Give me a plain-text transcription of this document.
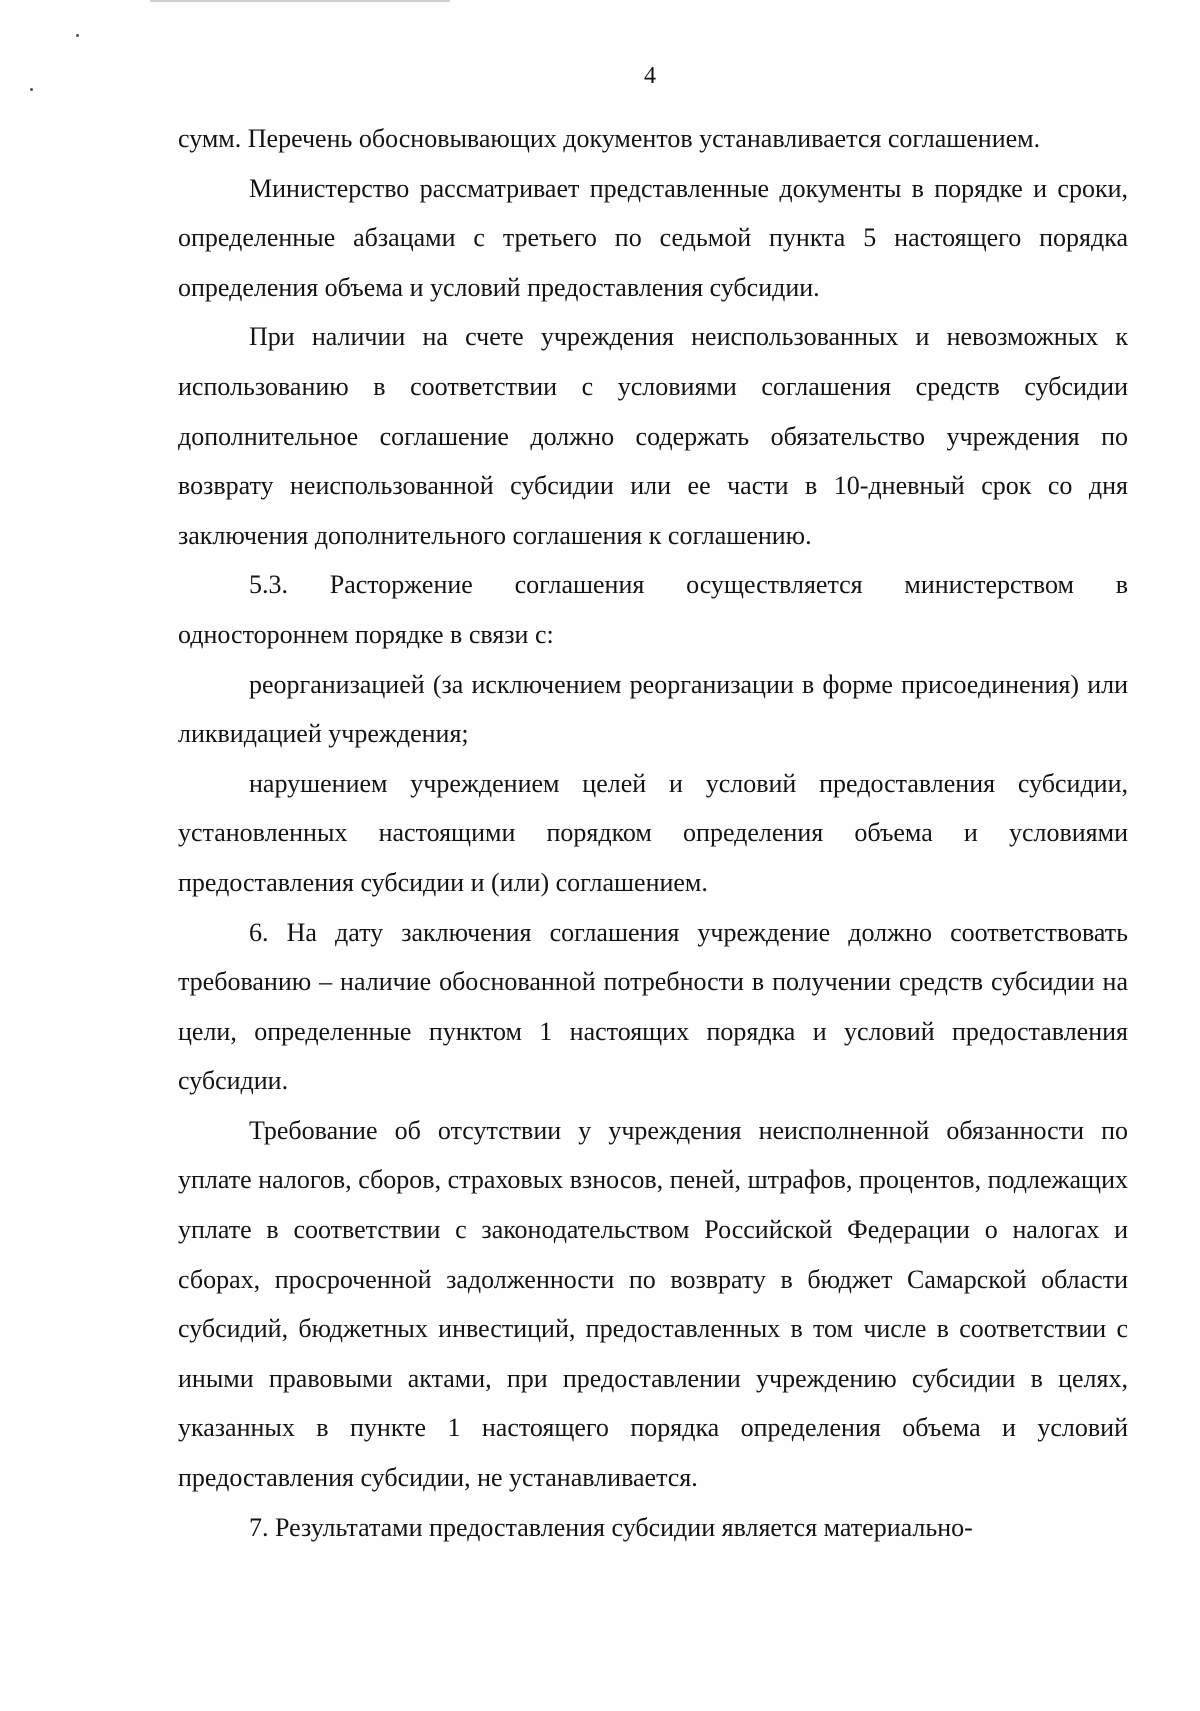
4

сумм. Перечень обосновывающих документов устанавливается соглашением.

Министерство рассматривает представленные документы в порядке и сроки, определенные абзацами с третьего по седьмой пункта 5 настоящего порядка определения объема и условий предоставления субсидии.

При наличии на счете учреждения неиспользованных и невозможных к использованию в соответствии с условиями соглашения средств субсидии дополнительное соглашение должно содержать обязательство учреждения по возврату неиспользованной субсидии или ее части в 10-дневный срок со дня заключения дополнительного соглашения к соглашению.

5.3. Расторжение соглашения осуществляется министерством в одностороннем порядке в связи с:

реорганизацией (за исключением реорганизации в форме присоединения) или ликвидацией учреждения;

нарушением учреждением целей и условий предоставления субсидии, установленных настоящими порядком определения объема и условиями предоставления субсидии и (или) соглашением.

6. На дату заключения соглашения учреждение должно соответствовать требованию – наличие обоснованной потребности в получении средств субсидии на цели, определенные пунктом 1 настоящих порядка и условий предоставления субсидии.

Требование об отсутствии у учреждения неисполненной обязанности по уплате налогов, сборов, страховых взносов, пеней, штрафов, процентов, подлежащих уплате в соответствии с законодательством Российской Федерации о налогах и сборах, просроченной задолженности по возврату в бюджет Самарской области субсидий, бюджетных инвестиций, предоставленных в том числе в соответствии с иными правовыми актами, при предоставлении учреждению субсидии в целях, указанных в пункте 1 настоящего порядка определения объема и условий предоставления субсидии, не устанавливается.

7. Результатами предоставления субсидии является материально-
